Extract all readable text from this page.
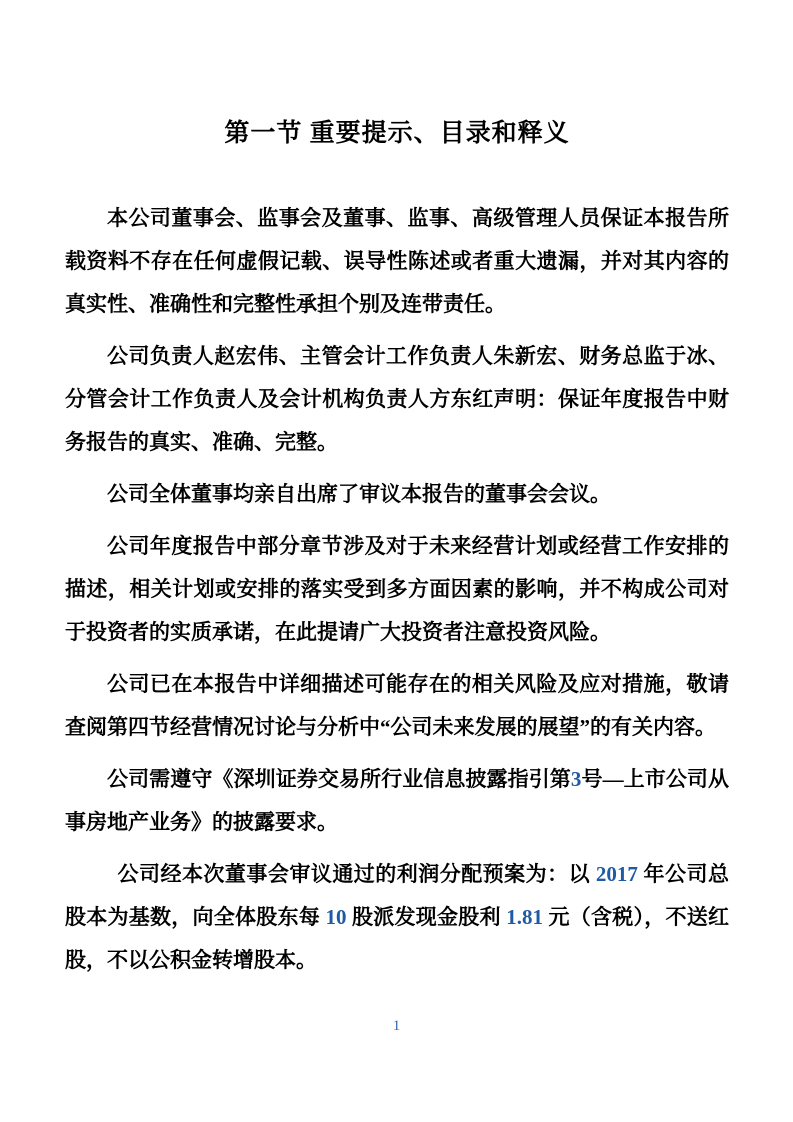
第一节 重要提示、目录和释义

本公司董事会、监事会及董事、监事、高级管理人员保证本报告所载资料不存在任何虚假记载、误导性陈述或者重大遗漏，并对其内容的真实性、准确性和完整性承担个别及连带责任。

公司负责人赵宏伟、主管会计工作负责人朱新宏、财务总监于冰、分管会计工作负责人及会计机构负责人方东红声明：保证年度报告中财务报告的真实、准确、完整。

公司全体董事均亲自出席了审议本报告的董事会会议。

公司年度报告中部分章节涉及对于未来经营计划或经营工作安排的描述，相关计划或安排的落实受到多方面因素的影响，并不构成公司对于投资者的实质承诺，在此提请广大投资者注意投资风险。

公司已在本报告中详细描述可能存在的相关风险及应对措施，敬请查阅第四节经营情况讨论与分析中“公司未来发展的展望”的有关内容。

公司需遵守《深圳证券交易所行业信息披露指引第3号—上市公司从事房地产业务》的披露要求。

公司经本次董事会审议通过的利润分配预案为：以 2017 年公司总股本为基数，向全体股东每 10 股派发现金股利 1.81 元（含税），不送红股，不以公积金转增股本。

1
